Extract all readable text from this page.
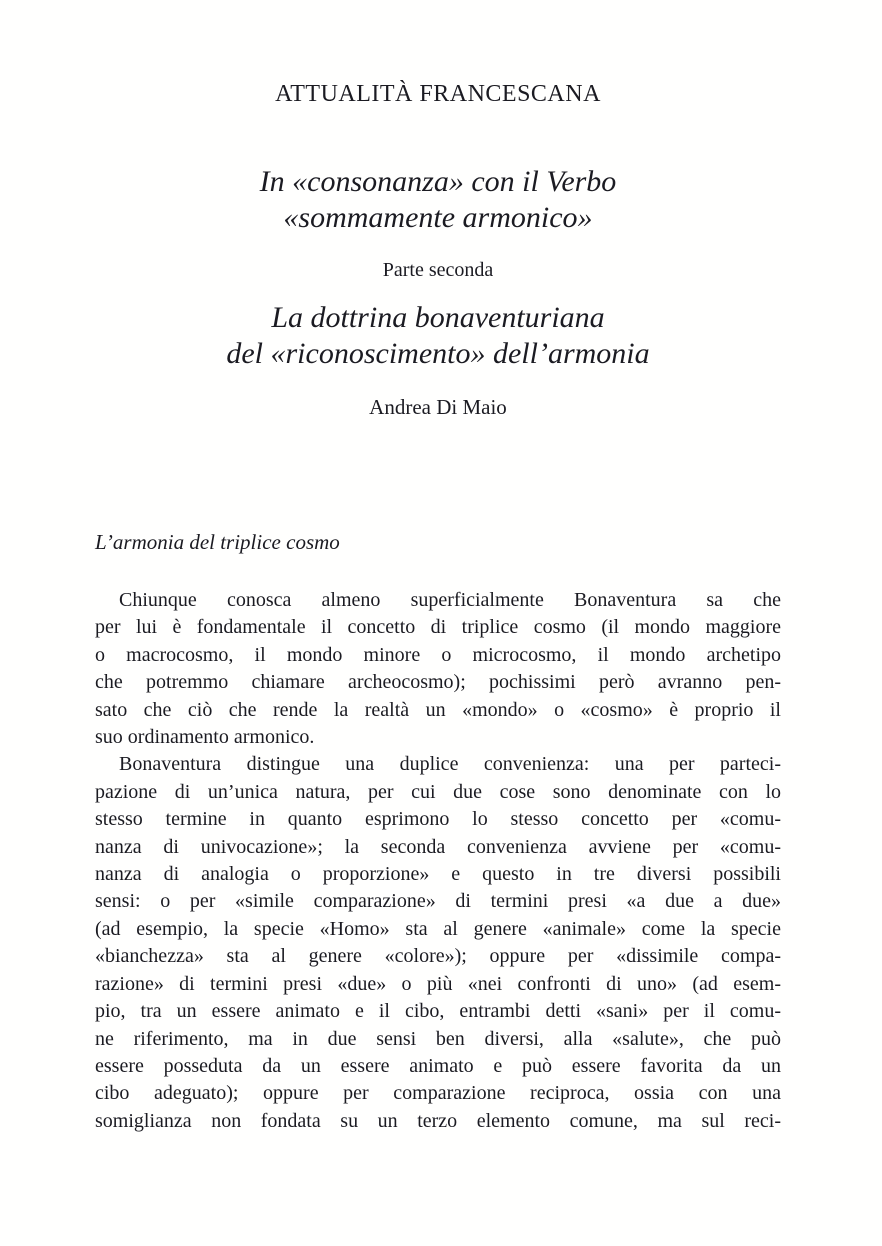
ATTUALITÀ FRANCESCANA
In «consonanza» con il Verbo
«sommamente armonico»
Parte seconda
La dottrina bonaventuriana
del «riconoscimento» dell’armonia
Andrea Di Maio
L’armonia del triplice cosmo
Chiunque conosca almeno superficialmente Bonaventura sa che
per lui è fondamentale il concetto di triplice cosmo (il mondo maggiore
o macrocosmo, il mondo minore o microcosmo, il mondo archetipo
che potremmo chiamare archeocosmo); pochissimi però avranno pen-
sato che ciò che rende la realtà un «mondo» o «cosmo» è proprio il
suo ordinamento armonico.
Bonaventura distingue una duplice convenienza: una per parteci-
pazione di un’unica natura, per cui due cose sono denominate con lo
stesso termine in quanto esprimono lo stesso concetto per «comu-
nanza di univocazione»; la seconda convenienza avviene per «comu-
nanza di analogia o proporzione» e questo in tre diversi possibili
sensi: o per «simile comparazione» di termini presi «a due a due»
(ad esempio, la specie «Homo» sta al genere «animale» come la specie
«bianchezza» sta al genere «colore»); oppure per «dissimile compa-
razione» di termini presi «due» o più «nei confronti di uno» (ad esem-
pio, tra un essere animato e il cibo, entrambi detti «sani» per il comu-
ne riferimento, ma in due sensi ben diversi, alla «salute», che può
essere posseduta da un essere animato e può essere favorita da un
cibo adeguato); oppure per comparazione reciproca, ossia con una
somiglianza non fondata su un terzo elemento comune, ma sul reci-
